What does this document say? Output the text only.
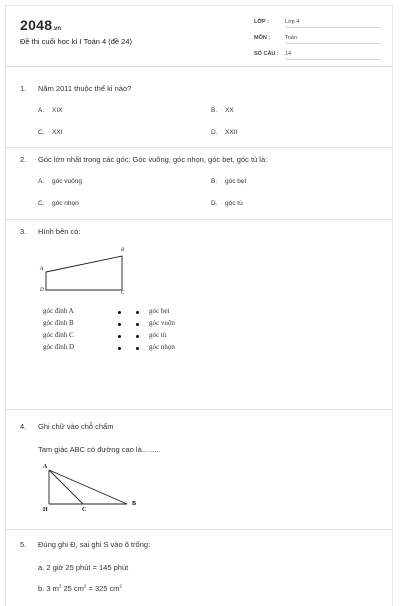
2048.vn
Đề thi cuối học kì I Toán 4 (đề 24)
LỚP :	Lớp 4
MÔN :	Toán
SỐ CÂU : 14
1. Năm 2011 thuộc thế kỉ nào?
A. XIX	B. XX
C. XXI	D. XXII
2. Góc lớn nhất trong các góc: Góc vuông, góc nhọn, góc bẹt, góc tù là:
A. góc vuông	B. góc bẹt
C. góc nhọn	D. góc tù
3. Hình bên có:
A
B
C
D
góc đỉnh A
góc đỉnh B
góc đỉnh C
góc đỉnh D
góc bẹt
góc vuôn
góc tù
góc nhọn
4. Ghi chữ vào chỗ chấm
Tam giác ABC có đường cao là.........
A
H	C
B
5. Đúng ghi Đ, sai ghi S vào ô trống:
a. 2 giờ 25 phút = 145 phút
b. 3 $m^2$ 25 $cm^2 = 325$ $cm^2$
